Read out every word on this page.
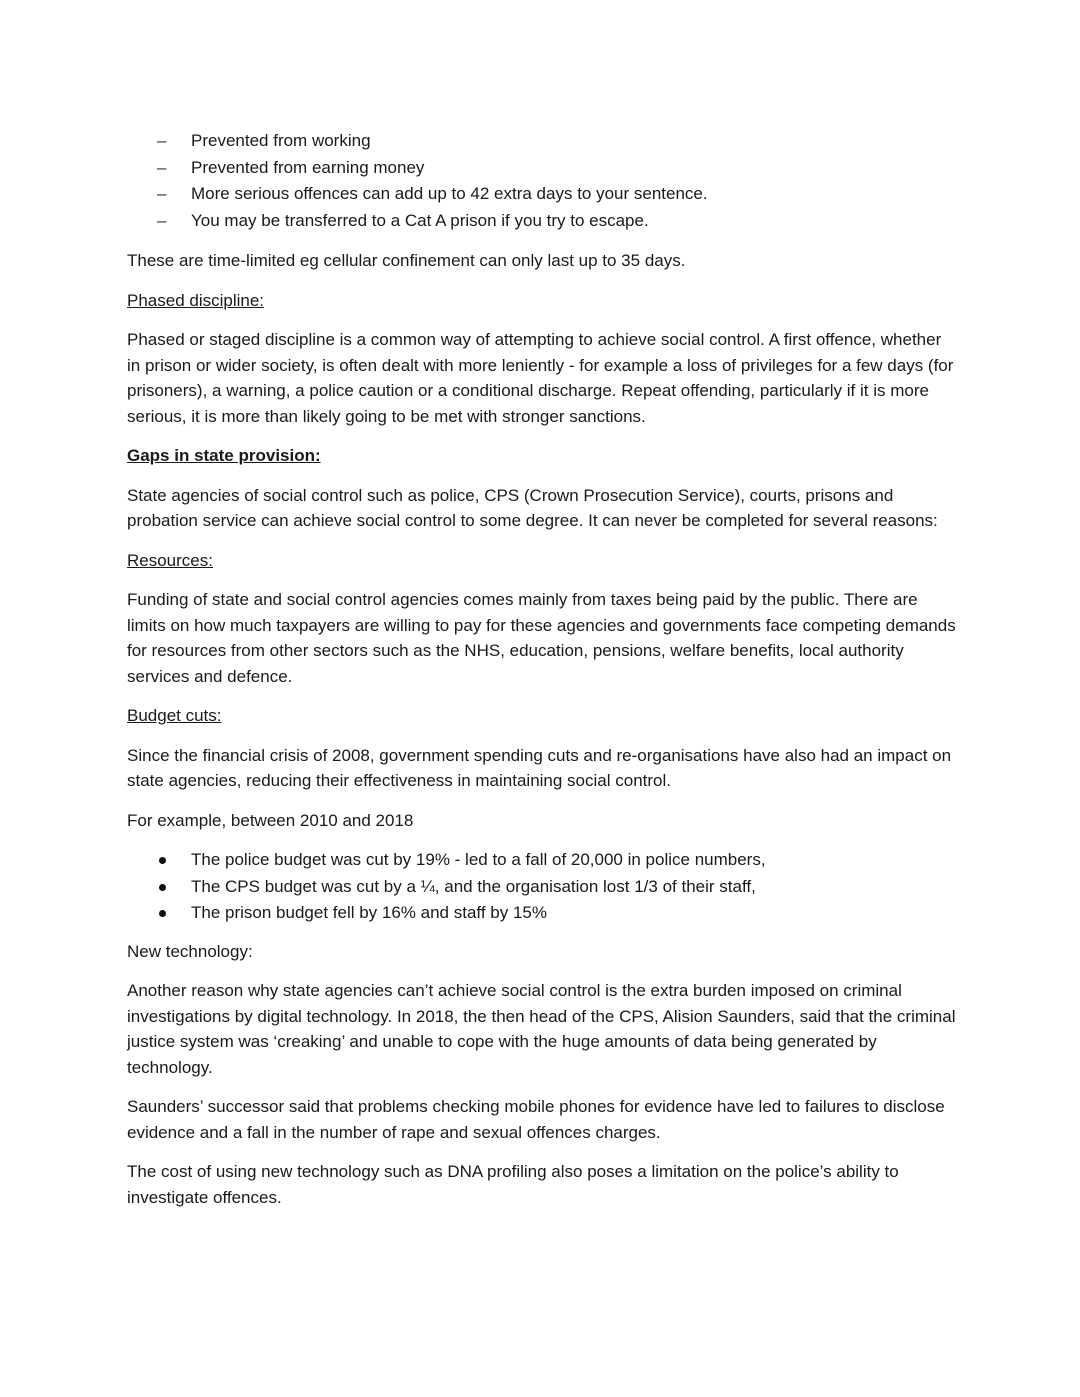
– Prevented from working
– Prevented from earning money
– More serious offences can add up to 42 extra days to your sentence.
– You may be transferred to a Cat A prison if you try to escape.

These are time-limited eg cellular confinement can only last up to 35 days.

Phased discipline:

Phased or staged discipline is a common way of attempting to achieve social control. A first offence, whether in prison or wider society, is often dealt with more leniently - for example a loss of privileges for a few days (for prisoners), a warning, a police caution or a conditional discharge. Repeat offending, particularly if it is more serious, it is more than likely going to be met with stronger sanctions.

Gaps in state provision:

State agencies of social control such as police, CPS (Crown Prosecution Service), courts, prisons and probation service can achieve social control to some degree. It can never be completed for several reasons:

Resources:

Funding of state and social control agencies comes mainly from taxes being paid by the public. There are limits on how much taxpayers are willing to pay for these agencies and governments face competing demands for resources from other sectors such as the NHS, education, pensions, welfare benefits, local authority services and defence.

Budget cuts:

Since the financial crisis of 2008, government spending cuts and re-organisations have also had an impact on state agencies, reducing their effectiveness in maintaining social control.

For example, between 2010 and 2018

The police budget was cut by 19% - led to a fall of 20,000 in police numbers,
The CPS budget was cut by a ¼, and the organisation lost 1/3 of their staff,
The prison budget fell by 16% and staff by 15%

New technology:

Another reason why state agencies can’t achieve social control is the extra burden imposed on criminal investigations by digital technology. In 2018, the then head of the CPS, Alision Saunders, said that the criminal justice system was ‘creaking’ and unable to cope with the huge amounts of data being generated by technology.

Saunders’ successor said that problems checking mobile phones for evidence have led to failures to disclose evidence and a fall in the number of rape and sexual offences charges.

The cost of using new technology such as DNA profiling also poses a limitation on the police’s ability to investigate offences.
